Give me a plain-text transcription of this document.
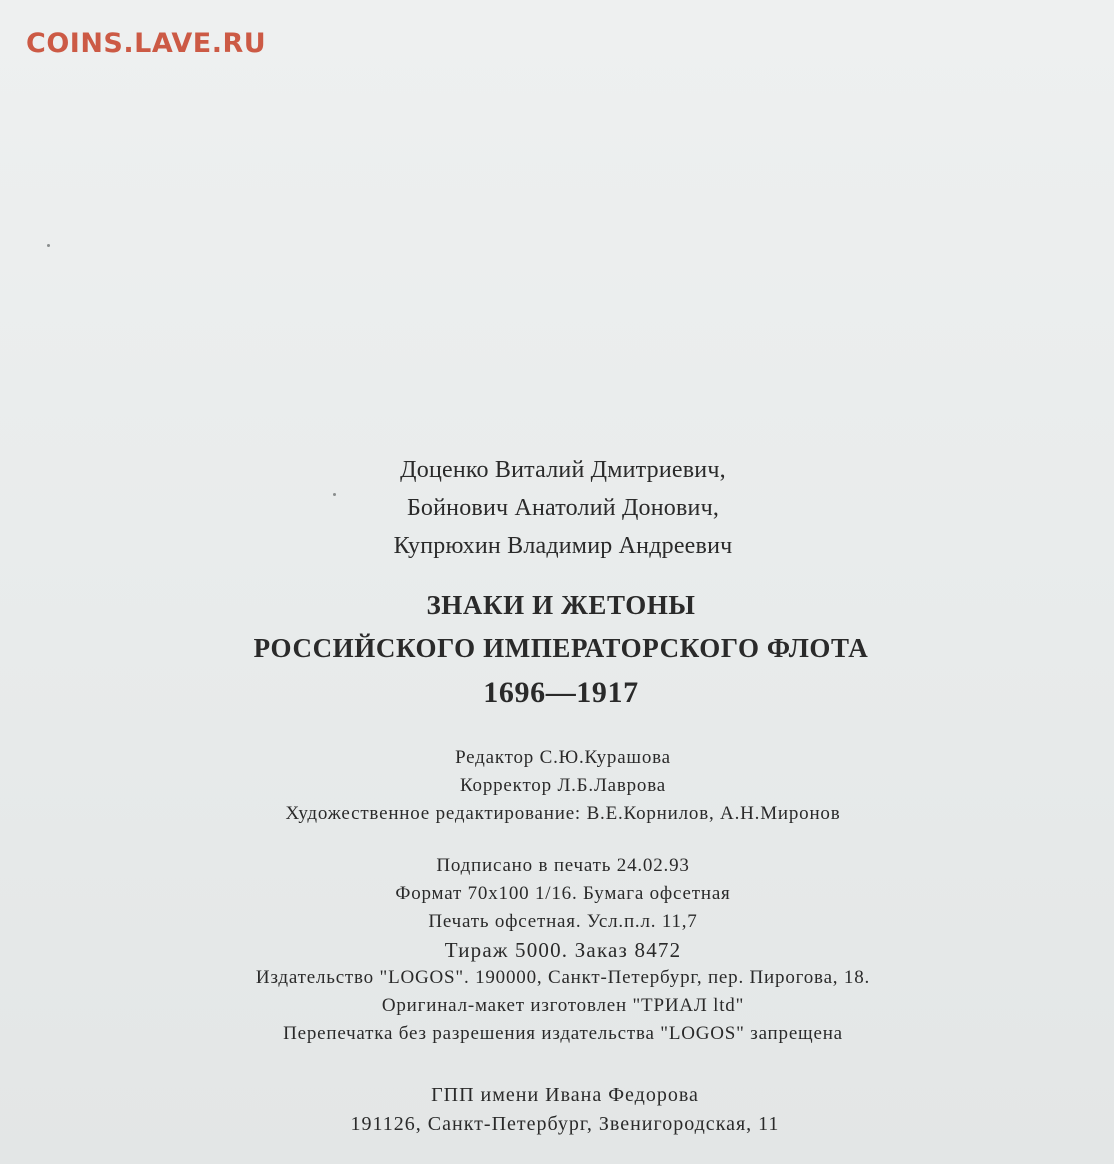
COINS.LAVE.RU
Доценко Виталий Дмитриевич,
Бойнович Анатолий Донович,
Купрюхин Владимир Андреевич
ЗНАКИ И ЖЕТОНЫ
РОССИЙСКОГО ИМПЕРАТОРСКОГО ФЛОТА
1696—1917
Редактор С.Ю.Курашова
Корректор Л.Б.Лаврова
Художественное редактирование: В.Е.Корнилов, А.Н.Миронов
Подписано в печать 24.02.93
Формат 70х100 1/16. Бумага офсетная
Печать офсетная. Усл.п.л. 11,7
Тираж 5000. Заказ 8472
Издательство "LOGOS". 190000, Санкт-Петербург, пер. Пирогова, 18.
Оригинал-макет изготовлен "ТРИАЛ ltd"
Перепечатка без разрешения издательства "LOGOS" запрещена
ГПП имени Ивана Федорова
191126, Санкт-Петербург, Звенигородская, 11
